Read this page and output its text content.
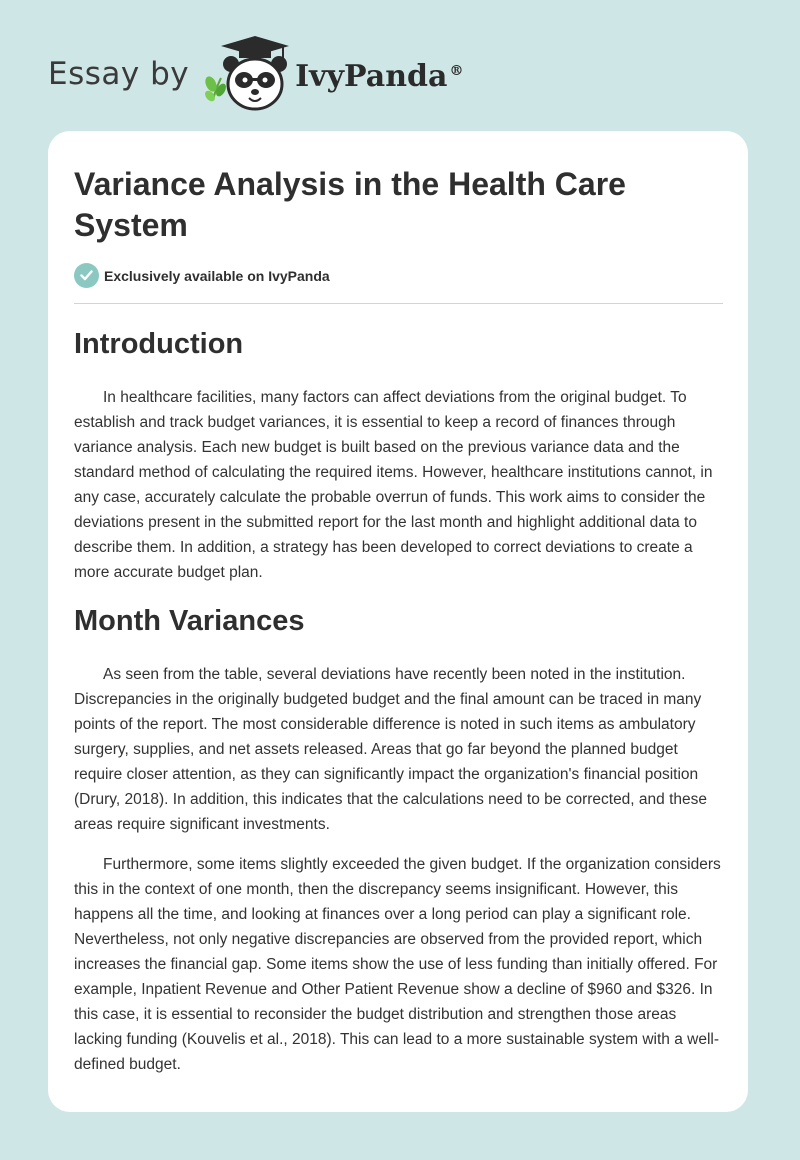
Essay by	IvyPanda ®
Variance Analysis in the Health Care System
Exclusively available on IvyPanda
Introduction

In healthcare facilities, many factors can affect deviations from the original budget. To establish and track budget variances, it is essential to keep a record of finances through variance analysis. Each new budget is built based on the previous variance data and the standard method of calculating the required items. However, healthcare institutions cannot, in any case, accurately calculate the probable overrun of funds. This work aims to consider the deviations present in the submitted report for the last month and highlight additional data to describe them. In addition, a strategy has been developed to correct deviations to create a more accurate budget plan.

Month Variances

As seen from the table, several deviations have recently been noted in the institution. Discrepancies in the originally budgeted budget and the final amount can be traced in many points of the report. The most considerable difference is noted in such items as ambulatory surgery, supplies, and net assets released. Areas that go far beyond the planned budget require closer attention, as they can significantly impact the organization's financial position (Drury, 2018). In addition, this indicates that the calculations need to be corrected, and these areas require significant investments.

Furthermore, some items slightly exceeded the given budget. If the organization considers this in the context of one month, then the discrepancy seems insignificant. However, this happens all the time, and looking at finances over a long period can play a significant role. Nevertheless, not only negative discrepancies are observed from the provided report, which increases the financial gap. Some items show the use of less funding than initially offered. For example, Inpatient Revenue and Other Patient Revenue show a decline of $960 and $326. In this case, it is essential to reconsider the budget distribution and strengthen those areas lacking funding (Kouvelis et al., 2018). This can lead to a more sustainable system with a well-defined budget.
